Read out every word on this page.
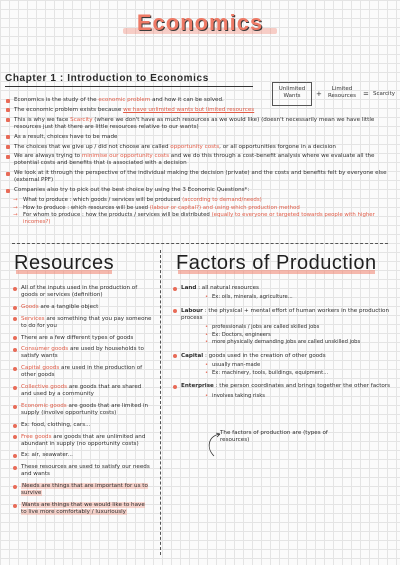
Economics
Chapter 1 : Introduction to Economics
Unlimited Wants	+
Limited Resources = Scarcity
Economics is the study of the economic problem and how it can be solved.
The economic problem exists because we have unlimited wants but limited resources
This is why we face Scarcity (where we don't have as much resources as we would like) (doesn't necessarily mean we have little resources just that there are little resources relative to our wants)
As a result, choices have to be made
The choices that we give up / did not choose are called opportunity costs, or all opportunities forgone in a decision
We are always trying to minimise our opportunity costs and we do this through a cost-benefit analysis where we evaluate all the potential costs and benefits that is associated with a decision
We look at it through the perspective of the individual making the decision (private) and the costs and benefits felt by everyone else (external PPF)
Companies also try to pick out the best choice by using the 3 Economic Questions*:
→ What to produce : which goods / services will be produced (according to demand/needs)
→ How to produce : which resources will be used (labour or capital?) and using which production method
→ For whom to produce : how the products / services will be distributed (equally to everyone or targeted towards people with higher incomes?)
Resources	Factors of Production
All of the inputs used in the production of goods or services (definition)
Goods are a tangible object
Services are something that you pay someone to do for you
There are a few different types of goods
Consumer goods are used by households to satisfy wants
Capital goods are used in the production of other goods
Collective goods are goods that are shared and used by a community
Economic goods are goods that are limited in supply (involve opportunity costs)
Ex: food, clothing, cars...
Free goods are goods that are unlimited and abundant in supply (no opportunity costs)
Ex: air, seawater...
These resources are used to satisfy our needs and wants
Needs are things that are important for us to survive
Wants are things that we would like to have to live more comfortably / luxuriously
Land : all natural resources
• Ex: oils, minerals, agriculture...
Labour : the physical + mental effort of human workers in the production process
• professionals / jobs are called skilled jobs
• Ex: Doctors, engineers
• more physically demanding jobs are called unskilled jobs
Capital : goods used in the creation of other goods
• usually man-made
• Ex: machinery, tools, buildings, equipment...
Enterprise : the person coordinates and brings together the other factors
• involves taking risks
The factors of production are (types of resources)
